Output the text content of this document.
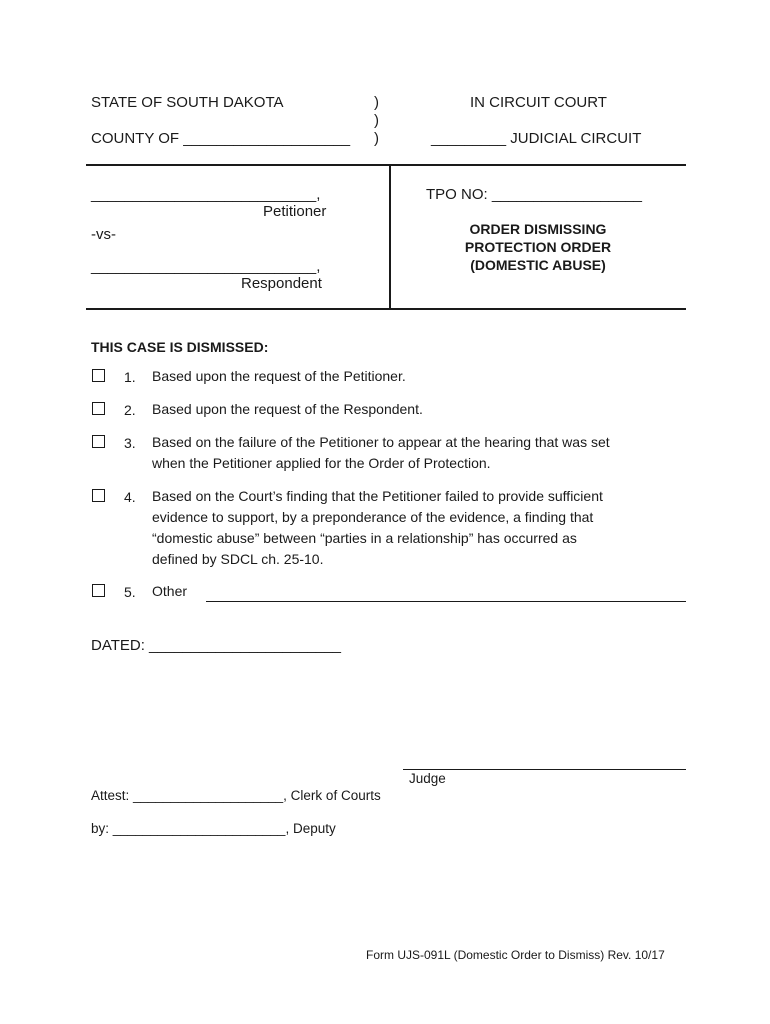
STATE OF SOUTH DAKOTA
COUNTY OF ____________________
)
)
)
IN CIRCUIT COURT
_________ JUDICIAL CIRCUIT
___________________________,
Petitioner
-vs-
___________________________,
Respondent
TPO NO: __________________
ORDER DISMISSING
PROTECTION ORDER
(DOMESTIC ABUSE)
THIS CASE IS DISMISSED:
1. Based upon the request of the Petitioner.
2. Based upon the request of the Respondent.
3. Based on the failure of the Petitioner to appear at the hearing that was set
when the Petitioner applied for the Order of Protection.
4. Based on the Court’s finding that the Petitioner failed to provide sufficient
evidence to support, by a preponderance of the evidence, a finding that
“domestic abuse” between “parties in a relationship” has occurred as
defined by SDCL ch. 25-10.
5. Other
DATED: _______________________
Judge
Attest: ____________________, Clerk of Courts
by: _______________________, Deputy
Form UJS-091L (Domestic Order to Dismiss) Rev. 10/17
